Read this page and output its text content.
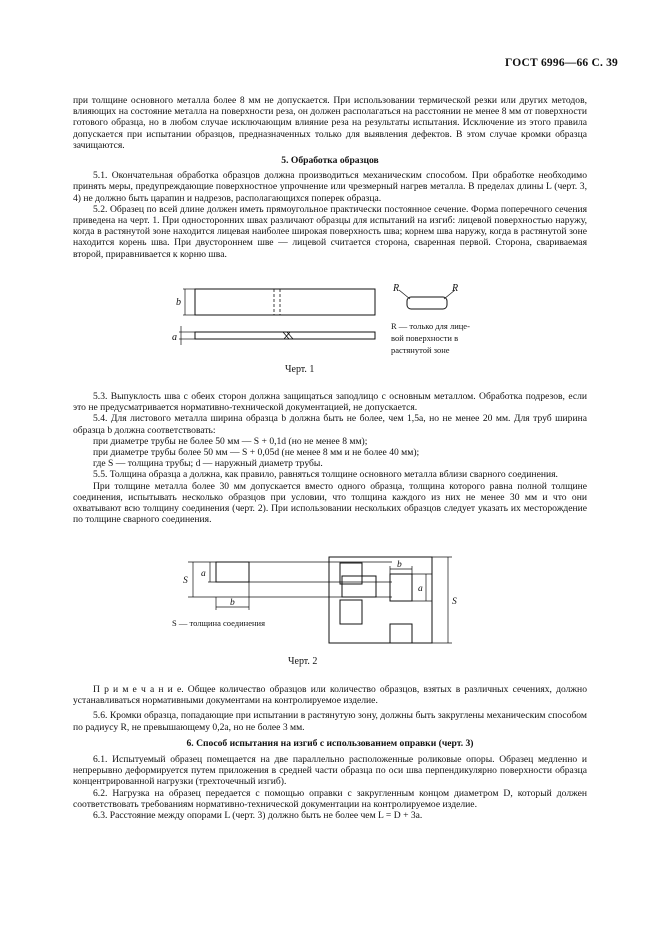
ГОСТ 6996—66 С. 39

при толщине основного металла более 8 мм не допускается. При использовании термической резки или других методов, влияющих на состояние металла на поверхности реза, он должен располагаться на расстоянии не менее 8 мм от поверхности готового образца, но в любом случае исключающим влияние реза на результаты испытания. Исключение из этого правила допускается при испытании образцов, предназначенных только для выявления дефектов. В этом случае кромки образца зачищаются.

5. Обработка образцов

5.1. Окончательная обработка образцов должна производиться механическим способом. При обработке необходимо принять меры, предупреждающие поверхностное упрочнение или чрезмерный нагрев металла. В пределах длины L (черт. 3, 4) не должно быть царапин и надрезов, располагающихся поперек образца.

5.2. Образец по всей длине должен иметь прямоугольное практически постоянное сечение. Форма поперечного сечения приведена на черт. 1. При односторонних швах различают образцы для испытаний на изгиб: лицевой поверхностью наружу, когда в растянутой зоне находится лицевая наиболее широкая поверхность шва; корнем шва наружу, когда в растянутой зоне находится корень шва. При двустороннем шве — лицевой считается сторона, сваренная первой. Сторона, свариваемая второй, приравнивается к корню шва.

b
a
R	R
R — только для лице-
вой поверхности в
растянутой зоне
Черт. 1

5.3. Выпуклость шва с обеих сторон должна защищаться заподлицо с основным металлом. Обработка подрезов, если это не предусматривается нормативно-технической документацией, не допускается.

5.4. Для листового металла ширина образца b должна быть не более, чем 1,5a, но не менее 20 мм. Для труб ширина образца b должна соответствовать:

при диаметре трубы не более 50 мм — S + 0,1d (но не менее 8 мм);

при диаметре трубы более 50 мм — S + 0,05d (не менее 8 мм и не более 40 мм);

где S — толщина трубы; d — наружный диаметр трубы.

5.5. Толщина образца a должна, как правило, равняться толщине основного металла вблизи сварного соединения.

При толщине металла более 30 мм допускается вместо одного образца, толщина которого равна полной толщине соединения, испытывать несколько образцов при условии, что толщина каждого из них не менее 30 мм и что они охватывают всю толщину соединения (черт. 2). При использовании нескольких образцов следует указать их месторождение по толщине сварного соединения.

S
a
b
S — толщина соединения
b
a
S
Черт. 2

П р и м е ч а н и е. Общее количество образцов или количество образцов, взятых в различных сечениях, должно устанавливаться нормативными документами на контролируемое изделие.

5.6. Кромки образца, попадающие при испытании в растянутую зону, должны быть закруглены механическим способом по радиусу R, не превышающему 0,2a, но не более 3 мм.

6. Способ испытания на изгиб с использованием оправки (черт. 3)

6.1. Испытуемый образец помещается на две параллельно расположенные роликовые опоры. Образец медленно и непрерывно деформируется путем приложения в средней части образца по оси шва перпендикулярно поверхности образца концентрированной нагрузки (трехточечный изгиб).

6.2. Нагрузка на образец передается с помощью оправки с закругленным концом диаметром D, который должен соответствовать требованиям нормативно-технической документации на контролируемое изделие.

6.3. Расстояние между опорами L (черт. 3) должно быть не более чем L = D + 3a.
